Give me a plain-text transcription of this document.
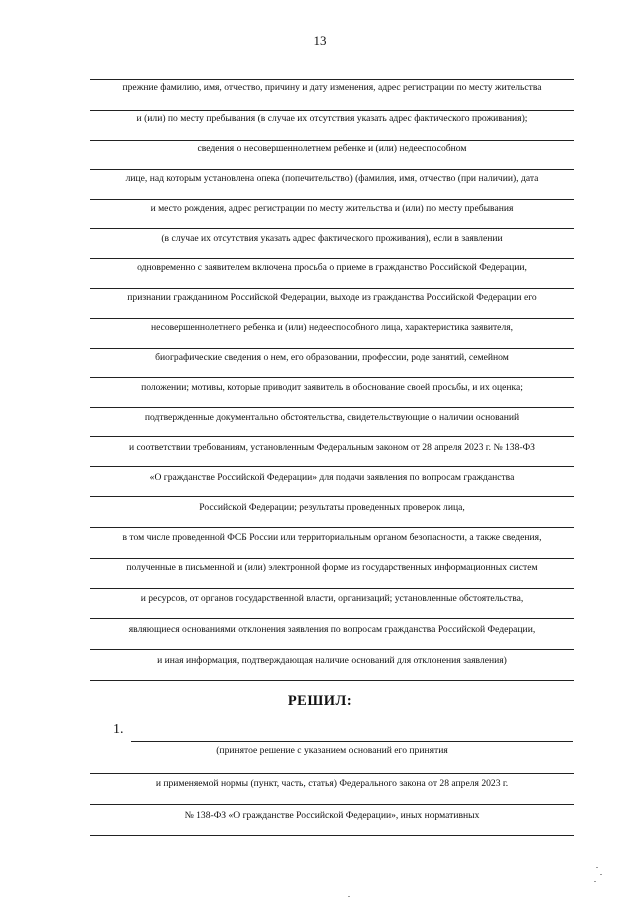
13
прежние фамилию, имя, отчество, причину и дату изменения, адрес регистрации по месту жительства
и (или) по месту пребывания (в случае их отсутствия указать адрес фактического проживания);
сведения о несовершеннолетнем ребенке и (или) недееспособном
лице, над которым установлена опека (попечительство) (фамилия, имя, отчество (при наличии), дата
и место рождения, адрес регистрации по месту жительства и (или) по месту пребывания
(в случае их отсутствия указать адрес фактического проживания), если в заявлении
одновременно с заявителем включена просьба о приеме в гражданство Российской Федерации,
признании гражданином Российской Федерации, выходе из гражданства Российской Федерации его
несовершеннолетнего ребенка и (или) недееспособного лица, характеристика заявителя,
биографические сведения о нем, его образовании, профессии, роде занятий, семейном
положении; мотивы, которые приводит заявитель в обоснование своей просьбы, и их оценка;
подтвержденные документально обстоятельства, свидетельствующие о наличии оснований
и соответствии требованиям, установленным Федеральным законом от 28 апреля 2023 г. № 138-ФЗ
«О гражданстве Российской Федерации» для подачи заявления по вопросам гражданства
Российской Федерации; результаты проведенных проверок лица,
в том числе проведенной ФСБ России или территориальным органом безопасности, а также сведения,
полученные в письменной и (или) электронной форме из государственных информационных систем
и ресурсов, от органов государственной власти, организаций; установленные обстоятельства,
являющиеся основаниями отклонения заявления по вопросам гражданства Российской Федерации,
и иная информация, подтверждающая наличие оснований для отклонения заявления)
РЕШИЛ:
1.
(принятое решение с указанием оснований его принятия
и применяемой нормы (пункт, часть, статья) Федерального закона от 28 апреля 2023 г.
№ 138-ФЗ «О гражданстве Российской Федерации», иных нормативных
